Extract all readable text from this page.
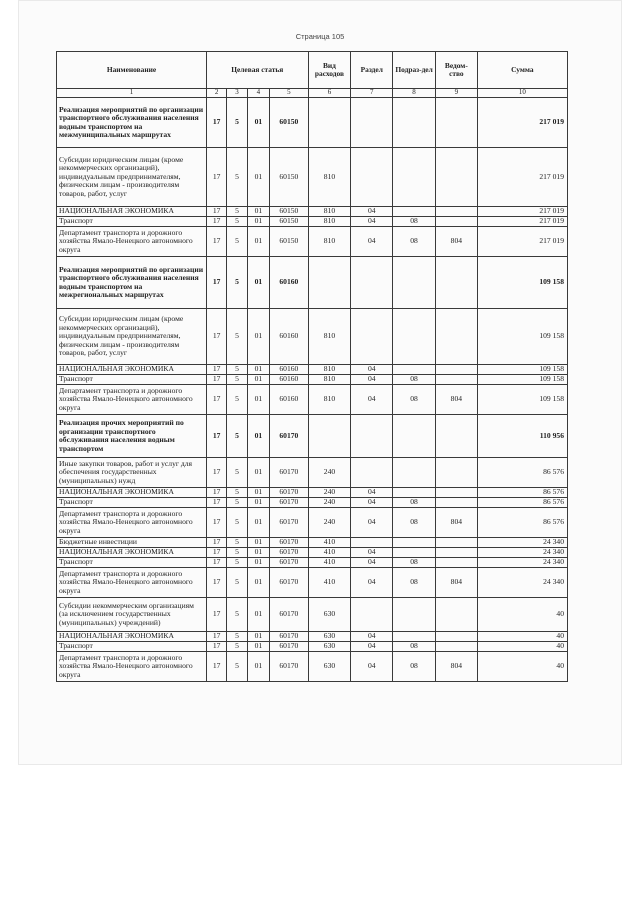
Страница 105
Наименование	Целевая статья				Вид расходов	Раздел	Подраз-дел	Ведом-ство	Сумма
1	2	3	4	5	6	7	8	9	10
Реализация мероприятий по организации транспортного обслуживания населения водным транспортом на межмуниципальных маршрутах	17	5	01	60150					217 019
Субсидии юридическим лицам (кроме некоммерческих организаций), индивидуальным предпринимателям, физическим лицам - производителям товаров, работ, услуг	17	5	01	60150	810				217 019
НАЦИОНАЛЬНАЯ ЭКОНОМИКА	17	5	01	60150	810	04			217 019
Транспорт	17	5	01	60150	810	04	08		217 019
Департамент транспорта и дорожного хозяйства Ямало-Ненецкого автономного округа	17	5	01	60150	810	04	08	804	217 019
Реализация мероприятий по организации транспортного обслуживания населения водным транспортом на межрегиональных маршрутах	17	5	01	60160					109 158
Субсидии юридическим лицам (кроме некоммерческих организаций), индивидуальным предпринимателям, физическим лицам - производителям товаров, работ, услуг	17	5	01	60160	810				109 158
НАЦИОНАЛЬНАЯ ЭКОНОМИКА	17	5	01	60160	810	04			109 158
Транспорт	17	5	01	60160	810	04	08		109 158
Департамент транспорта и дорожного хозяйства Ямало-Ненецкого автономного округа	17	5	01	60160	810	04	08	804	109 158
Реализация прочих мероприятий по организации транспортного обслуживания населения водным транспортом	17	5	01	60170					110 956
Иные закупки товаров, работ и услуг для обеспечения государственных (муниципальных) нужд	17	5	01	60170	240				86 576
НАЦИОНАЛЬНАЯ ЭКОНОМИКА	17	5	01	60170	240	04			86 576
Транспорт	17	5	01	60170	240	04	08		86 576
Департамент транспорта и дорожного хозяйства Ямало-Ненецкого автономного округа	17	5	01	60170	240	04	08	804	86 576
Бюджетные инвестиции	17	5	01	60170	410				24 340
НАЦИОНАЛЬНАЯ ЭКОНОМИКА	17	5	01	60170	410	04			24 340
Транспорт	17	5	01	60170	410	04	08		24 340
Департамент транспорта и дорожного хозяйства Ямало-Ненецкого автономного округа	17	5	01	60170	410	04	08	804	24 340
Субсидии некоммерческим организациям (за исключением государственных (муниципальных) учреждений)	17	5	01	60170	630				40
НАЦИОНАЛЬНАЯ ЭКОНОМИКА	17	5	01	60170	630	04			40
Транспорт	17	5	01	60170	630	04	08		40
Департамент транспорта и дорожного хозяйства Ямало-Ненецкого автономного округа	17	5	01	60170	630	04	08	804	40
